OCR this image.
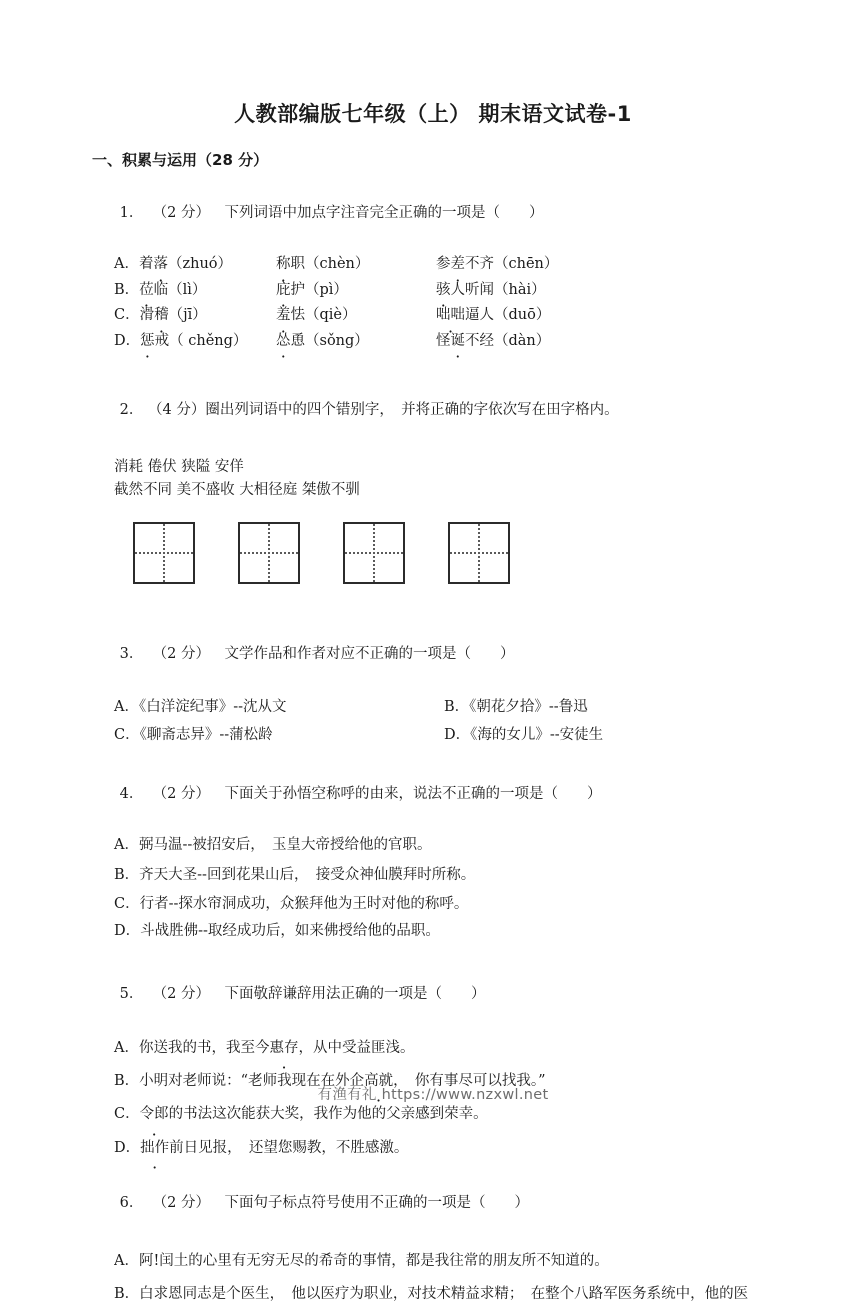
人教部编版七年级（上） 期末语文试卷-1
一、积累与运用（28 分）

1． （2 分）　 下列词语中加点字注音完全正确的一项是（　　）

A．着落（zhuó）	称职（chèn）	参差不齐（chēn）
B．莅临（lì）	庇护（pì）	骇人听闻（hài）
C．滑稽（jī）	羞怯（qiè）	咄咄逼人（duō）
D．惩戒（ chěng）	怂恿（sǒng）	怪诞不经（dàn）

2． （4 分）圈出列词语中的四个错别字，　并将正确的字依次写在田字格内。

消耗 倦伏 狭隘 安佯
截然不同 美不盛收 大相径庭 桀傲不驯

3． （2 分）　 文学作品和作者对应不正确的一项是（　　）

A．《白洋淀纪事》‑‑沈从文	B．《朝花夕拾》‑‑鲁迅
C．《聊斋志异》‑‑蒲松龄	D．《海的女儿》‑‑安徒生

4． （2 分）　 下面关于孙悟空称呼的由来，说法不正确的一项是（　　）

A．弼马温‑‑被招安后，　玉皇大帝授给他的官职。
B．齐天大圣‑‑回到花果山后，　接受众神仙膜拜时所称。
C．行者‑‑探水帘洞成功，众猴拜他为王时对他的称呼。
D．斗战胜佛‑‑取经成功后，如来佛授给他的品职。

5． （2 分）　 下面敬辞谦辞用法正确的一项是（　　）

A．你送我的书，我至今惠存，从中受益匪浅。
B．小明对老师说：“老师我现在在外企高就，　你有事尽可以找我。”
C．令郎的书法这次能获大奖，我作为他的父亲感到荣幸。
D．拙作前日见报，　还望您赐教，不胜感激。

6． （2 分）　 下面句子标点符号使用不正确的一项是（　　）

A．阿!闰土的心里有无穷无尽的希奇的事情，都是我往常的朋友所不知道的。
B．白求恩同志是个医生，　他以医疗为职业，对技术精益求精；　在整个八路军医务系统中，他的医
有渔有礼 https://www.nzxwl.net
